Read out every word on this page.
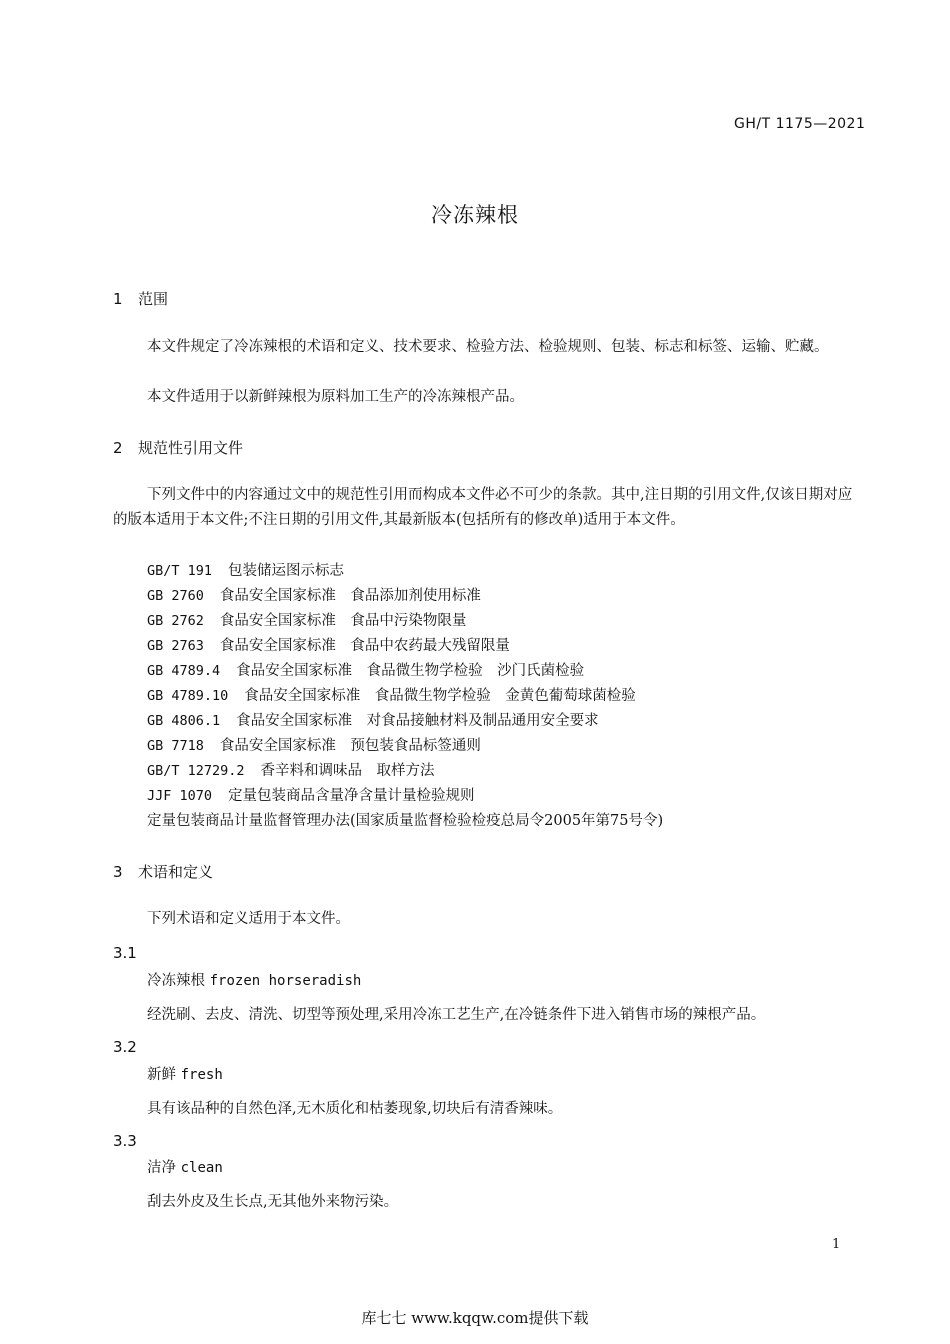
GH/T 1175—2021
冷冻辣根
1 范围
本文件规定了冷冻辣根的术语和定义、技术要求、检验方法、检验规则、包装、标志和标签、运输、贮藏。
本文件适用于以新鲜辣根为原料加工生产的冷冻辣根产品。
2 规范性引用文件
下列文件中的内容通过文中的规范性引用而构成本文件必不可少的条款。其中,注日期的引用文件,仅该日期对应的版本适用于本文件;不注日期的引用文件,其最新版本(包括所有的修改单)适用于本文件。
GB/T 191 包装储运图示标志
GB 2760 食品安全国家标准　食品添加剂使用标准
GB 2762 食品安全国家标准　食品中污染物限量
GB 2763 食品安全国家标准　食品中农药最大残留限量
GB 4789.4 食品安全国家标准　食品微生物学检验　沙门氏菌检验
GB 4789.10 食品安全国家标准　食品微生物学检验　金黄色葡萄球菌检验
GB 4806.1 食品安全国家标准　对食品接触材料及制品通用安全要求
GB 7718 食品安全国家标准　预包装食品标签通则
GB/T 12729.2 香辛料和调味品　取样方法
JJF 1070 定量包装商品含量净含量计量检验规则
定量包装商品计量监督管理办法(国家质量监督检验检疫总局令2005年第75号令)
3 术语和定义
下列术语和定义适用于本文件。
3.1
冷冻辣根 frozen horseradish
经洗刷、去皮、清洗、切型等预处理,采用冷冻工艺生产,在冷链条件下进入销售市场的辣根产品。
3.2
新鲜 fresh
具有该品种的自然色泽,无木质化和枯萎现象,切块后有清香辣味。
3.3
洁净 clean
刮去外皮及生长点,无其他外来物污染。
1
库七七 www.kqqw.com提供下载
